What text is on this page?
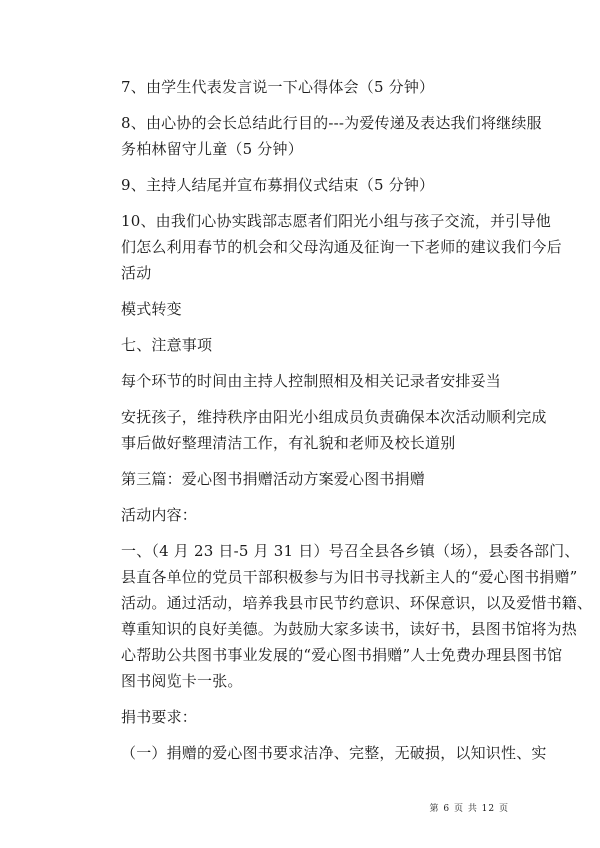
7、由学生代表发言说一下心得体会（5 分钟）

8、由心协的会长总结此行目的---为爱传递及表达我们将继续服
务柏林留守儿童（5 分钟）

9、主持人结尾并宣布募捐仪式结束（5 分钟）

10、由我们心协实践部志愿者们阳光小组与孩子交流，并引导他
们怎么利用春节的机会和父母沟通及征询一下老师的建议我们今后
活动

模式转变

七、注意事项

每个环节的时间由主持人控制照相及相关记录者安排妥当

安抚孩子，维持秩序由阳光小组成员负责确保本次活动顺利完成
事后做好整理清洁工作，有礼貌和老师及校长道别

第三篇：爱心图书捐赠活动方案爱心图书捐赠

活动内容：

一、（4 月 23 日-5 月 31 日）号召全县各乡镇（场），县委各部门、
县直各单位的党员干部积极参与为旧书寻找新主人的“爱心图书捐赠”
活动。通过活动，培养我县市民节约意识、环保意识，以及爱惜书籍、
尊重知识的良好美德。为鼓励大家多读书，读好书，县图书馆将为热
心帮助公共图书事业发展的“爱心图书捐赠”人士免费办理县图书馆
图书阅览卡一张。

捐书要求：

（一）捐赠的爱心图书要求洁净、完整，无破损，以知识性、实

第 6 页 共 12 页
